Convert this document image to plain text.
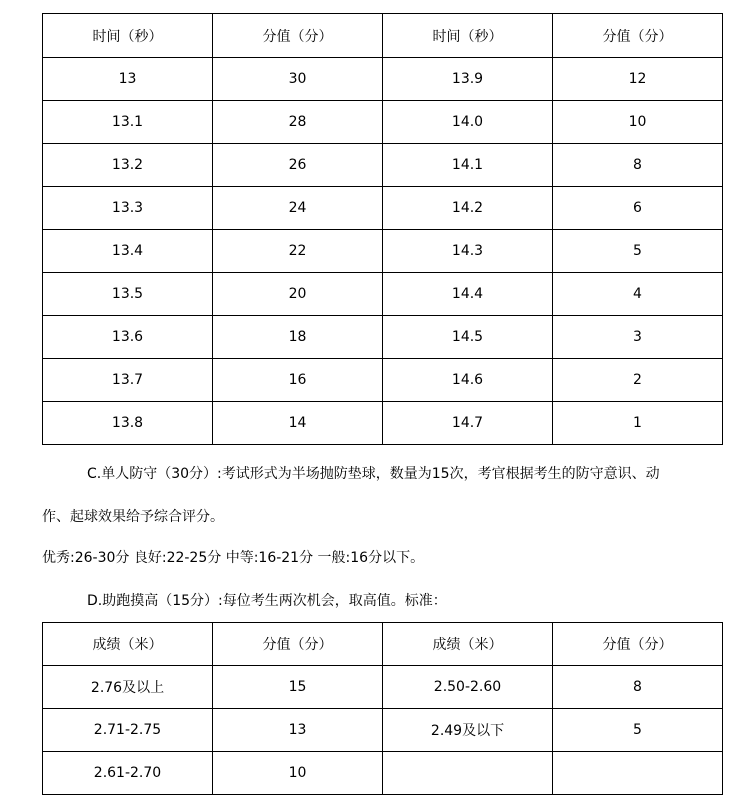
时间（秒）	分值（分）	时间（秒）	分值（分）
13	30	13.9	12
13.1	28	14.0	10
13.2	26	14.1	8
13.3	24	14.2	6
13.4	22	14.3	5
13.5	20	14.4	4
13.6	18	14.5	3
13.7	16	14.6	2
13.8	14	14.7	1
C.单人防守（30分）:考试形式为半场抛防垫球，数量为15次，考官根据考生的防守意识、动
作、起球效果给予综合评分。
优秀:26-30分 良好:22-25分 中等:16-21分 一般:16分以下。
D.助跑摸高（15分）:每位考生两次机会，取高值。标准：
成绩（米）	分值（分）	成绩（米）	分值（分）
2.76及以上	15	2.50-2.60	8
2.71-2.75	13	2.49及以下	5
2.61-2.70	10		
